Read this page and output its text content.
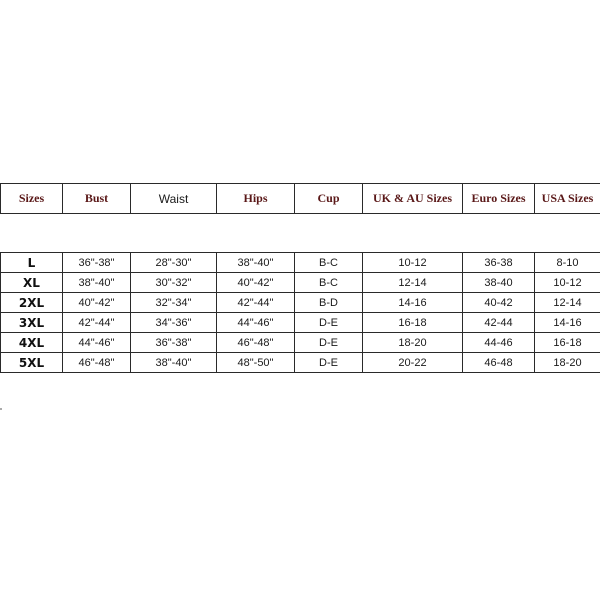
Sizes	Bust	Waist	Hips	Cup	UK & AU Sizes	Euro Sizes	USA Sizes

L	36"-38"	28"-30"	38"-40"	B-C	10-12	36-38	8-10
XL	38"-40"	30"-32"	40"-42"	B-C	12-14	38-40	10-12
2XL	40"-42"	32"-34"	42"-44"	B-D	14-16	40-42	12-14
3XL	42"-44"	34"-36"	44"-46"	D-E	16-18	42-44	14-16
4XL	44"-46"	36"-38"	46"-48"	D-E	18-20	44-46	16-18
5XL	46"-48"	38"-40"	48"-50"	D-E	20-22	46-48	18-20
